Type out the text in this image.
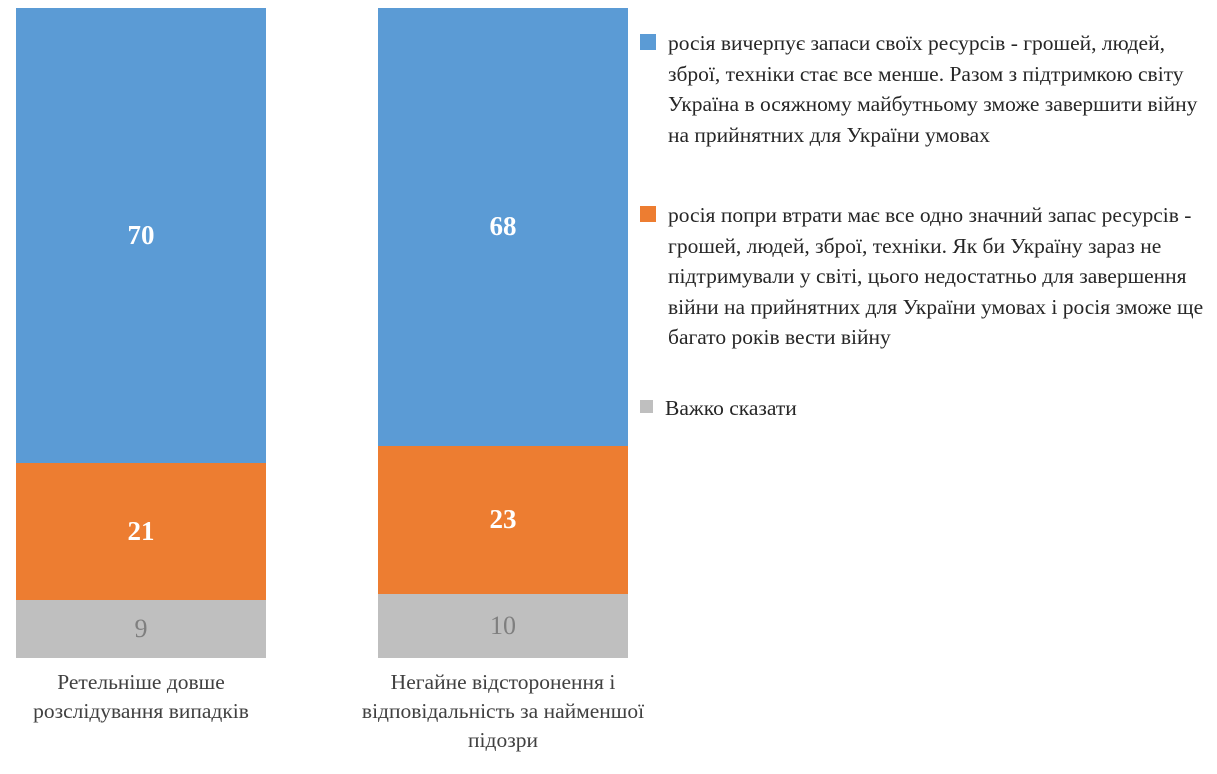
70
21
9
Ретельніше довше розслідування випадків
68
23
10
Негайне відсторонення і відповідальність за найменшої підозри
росія вичерпує запаси своїх ресурсів - грошей, людей, зброї, техніки стає все менше. Разом з підтримкою світу Україна в осяжному майбутньому зможе завершити війну на прийнятних для України умовах
росія попри втрати має все одно значний запас ресурсів - грошей, людей, зброї, техніки. Як би Україну зараз не підтримували у світі, цього недостатньо для завершення війни на прийнятних для України умовах і росія зможе ще багато років вести війну
Важко сказати
